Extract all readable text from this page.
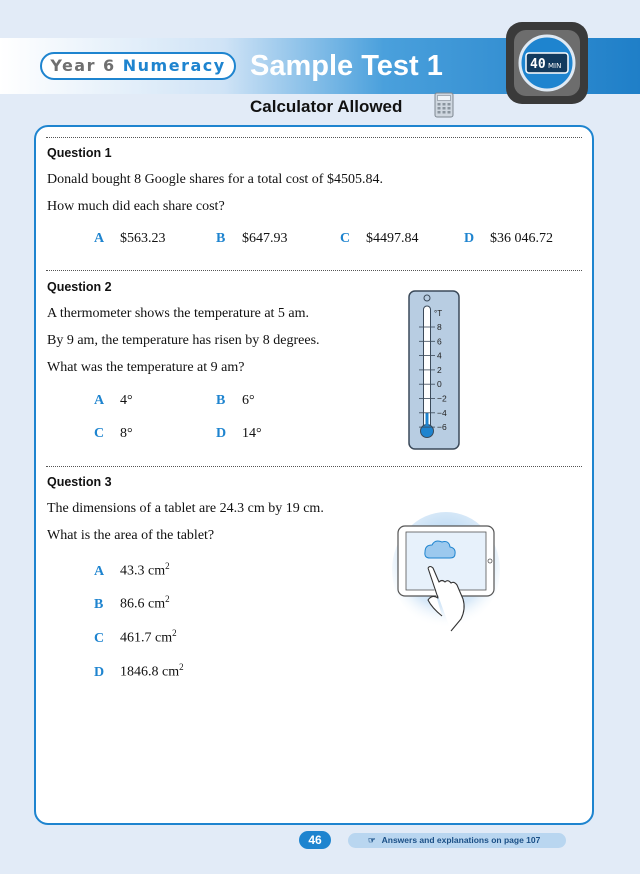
Year 6 Numeracy Sample Test 1	40 MIN
Calculator Allowed
Question 1
Donald bought 8 Google shares for a total cost of $4505.84.
How much did each share cost?
A $563.23	B $647.93	C $4497.84	D $36 046.72
Question 2
A thermometer shows the temperature at 5 am.
By 9 am, the temperature has risen by 8 degrees.
What was the temperature at 9 am?
A 4°	B 6°
C 8°	D 14°
°T
8
6
4
2
0
−2
−4
−6
Question 3
The dimensions of a tablet are 24.3 cm by 19 cm.
What is the area of the tablet?
A 43.3 $cm^2$
B 86.6 $cm^2$
C 461.7 $cm^2$
D 1846.8 $cm^2$
46	☞ Answers and explanations on page 107
